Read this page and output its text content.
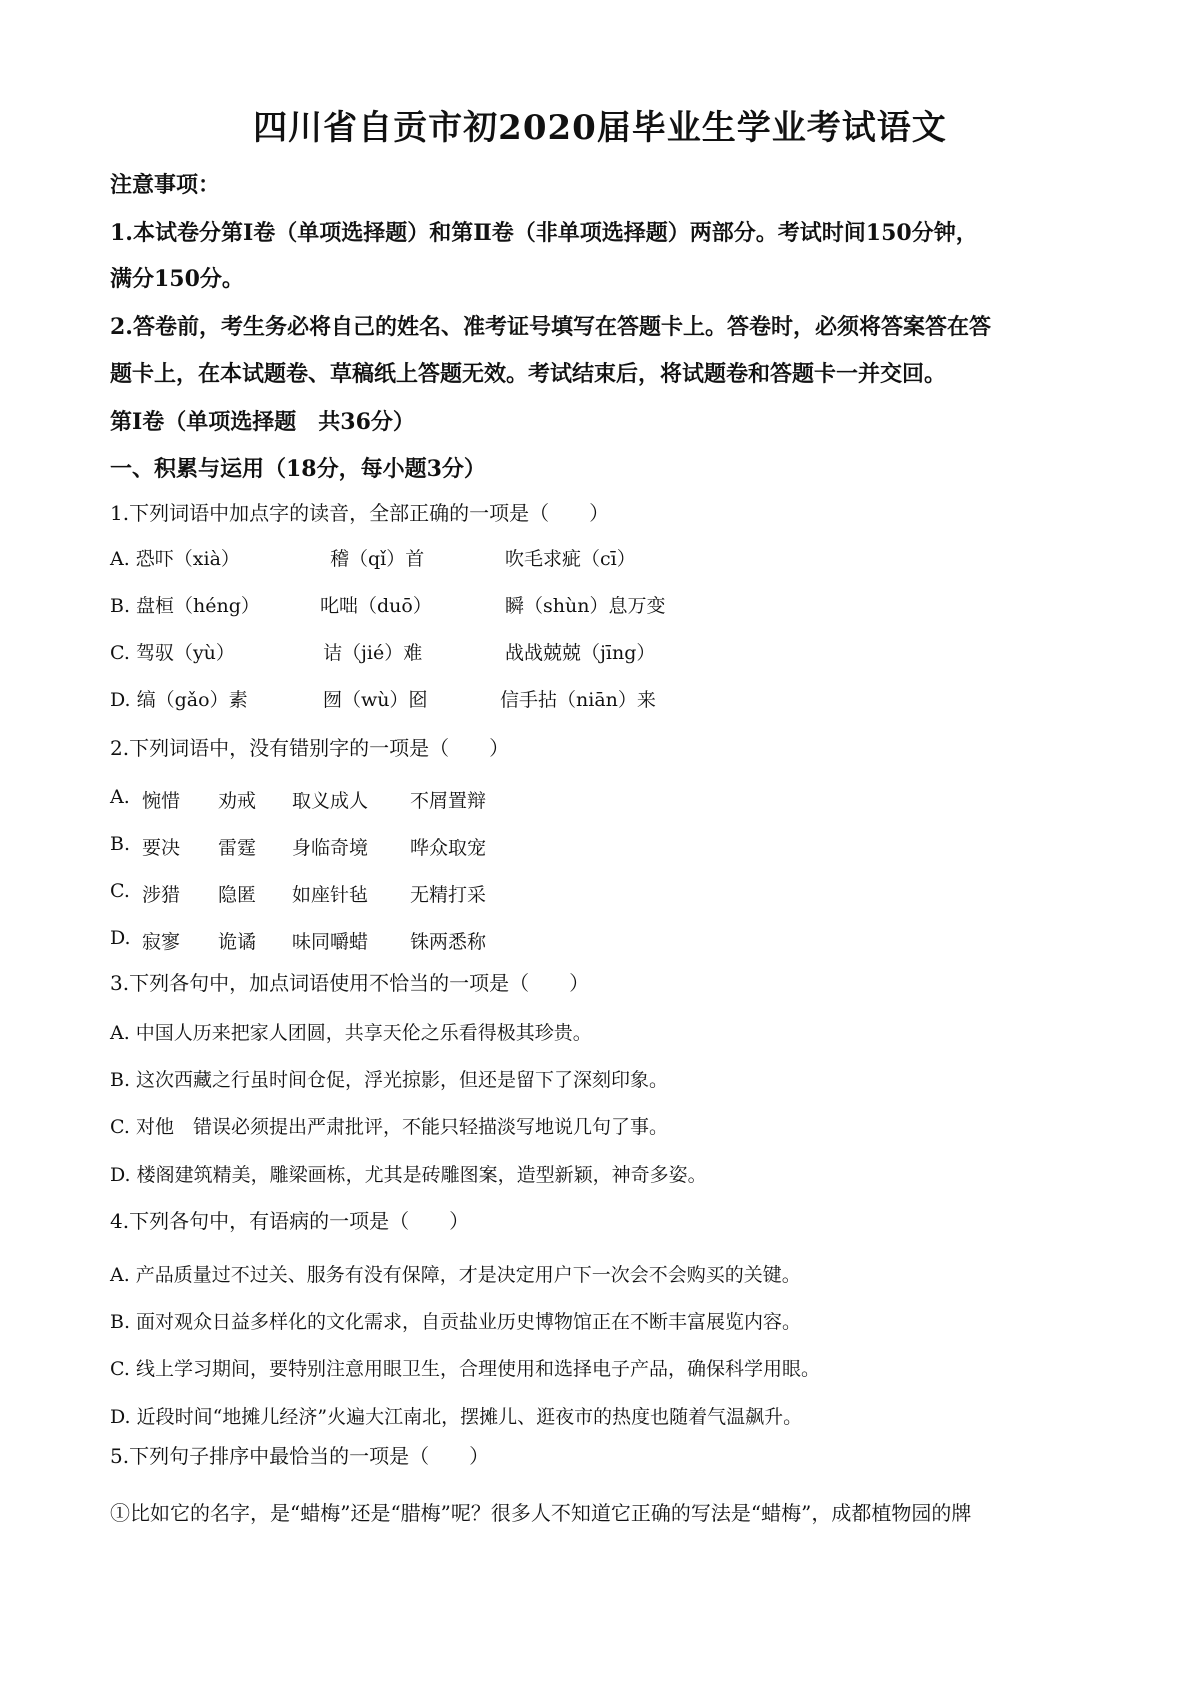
四川省自贡市初2020届毕业生学业考试语文
注意事项：
1.本试卷分第Ⅰ卷（单项选择题）和第Ⅱ卷（非单项选择题）两部分。考试时间150分钟，
满分150分。
2.答卷前，考生务必将自己的姓名、准考证号填写在答题卡上。答卷时，必须将答案答在答
题卡上，在本试题卷、草稿纸上答题无效。考试结束后，将试题卷和答题卡一并交回。
第Ⅰ卷（单项选择题　共36分）
一、积累与运用（18分，每小题3分）
1.下列词语中加点字的读音，全部正确的一项是（　　）
A. 恐吓（xià）	稽（qǐ）首	吹毛求疵（cī）
B. 盘桓（héng）	叱咄（duō）	瞬（shùn）息万变
C. 驾驭（yù）	诘（jié）难	战战兢兢（jīng）
D. 缟（gǎo）素	囫（wù）囵	信手拈（niān）来
2.下列词语中，没有错别字的一项是（　　）
A. 惋惜 劝戒 取义成人 不屑置辩
B. 要决 雷霆 身临奇境 哗众取宠
C. 涉猎 隐匿 如座针毡 无精打采
D. 寂寥 诡谲 味同嚼蜡 铢两悉称
3.下列各句中，加点词语使用不恰当的一项是（　　）
A. 中国人历来把家人团圆，共享天伦之乐看得极其珍贵。
B. 这次西藏之行虽时间仓促，浮光掠影，但还是留下了深刻印象。
C. 对他　错误必须提出严肃批评，不能只轻描淡写地说几句了事。
D. 楼阁建筑精美，雕梁画栋，尤其是砖雕图案，造型新颖，神奇多姿。
4.下列各句中，有语病的一项是（　　）
A. 产品质量过不过关、服务有没有保障，才是决定用户下一次会不会购买的关键。
B. 面对观众日益多样化的文化需求，自贡盐业历史博物馆正在不断丰富展览内容。
C. 线上学习期间，要特别注意用眼卫生，合理使用和选择电子产品，确保科学用眼。
D. 近段时间“地摊儿经济”火遍大江南北，摆摊儿、逛夜市的热度也随着气温飙升。
5.下列句子排序中最恰当的一项是（　　）
①比如它的名字，是“蜡梅”还是“腊梅”呢？很多人不知道它正确的写法是“蜡梅”，成都植物园的牌
